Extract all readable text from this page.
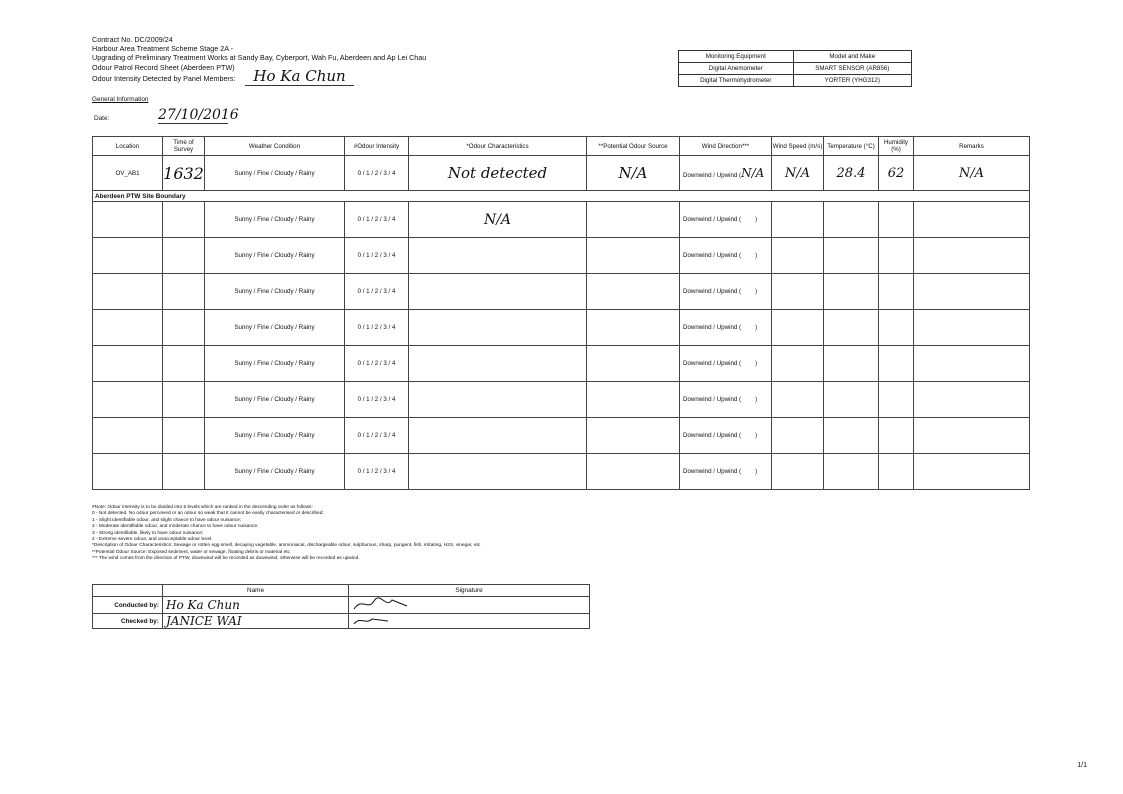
Contract No. DC/2009/24
Harbour Area Treatment Scheme Stage 2A -
Upgrading of Preliminary Treatment Works at Sandy Bay, Cyberport, Wah Fu, Aberdeen and Ap Lei Chau
Odour Patrol Record Sheet (Aberdeen PTW)
Odour Intensity Detected by Panel Members: Ho Ka Chun
General Information
Date:	27/10/2016
Monitoring Equipment	Model and Make
Digital Anemometer	SMART SENSOR (AR856)
Digital Thermohydrometer	YORTER (YHG312)
Location	Time of Survey	Weather Condition	#Odour Intensity	*Odour Characteristics	**Potential Odour Source	Wind Direction***	Wind Speed (m/s)	Temperature (°C)	Humidity (%)	Remarks
OV_AB1	1632	Sunny / Fine / Cloudy / Rainy	0 / 1 / 2 / 3 / 4	Not detected	N/A	Downwind / Upwind (N/A	N/A	28.4	62	N/A
Aberdeen PTW Site Boundary										
		Sunny / Fine / Cloudy / Rainy	0 / 1 / 2 / 3 / 4	N/A		Downwind / Upwind ( )				
		Sunny / Fine / Cloudy / Rainy	0 / 1 / 2 / 3 / 4			Downwind / Upwind ( )				
		Sunny / Fine / Cloudy / Rainy	0 / 1 / 2 / 3 / 4			Downwind / Upwind ( )				
		Sunny / Fine / Cloudy / Rainy	0 / 1 / 2 / 3 / 4			Downwind / Upwind ( )				
		Sunny / Fine / Cloudy / Rainy	0 / 1 / 2 / 3 / 4			Downwind / Upwind ( )				
		Sunny / Fine / Cloudy / Rainy	0 / 1 / 2 / 3 / 4			Downwind / Upwind ( )				
		Sunny / Fine / Cloudy / Rainy	0 / 1 / 2 / 3 / 4			Downwind / Upwind ( )				
		Sunny / Fine / Cloudy / Rainy	0 / 1 / 2 / 3 / 4			Downwind / Upwind ( )				
#Note: Odour intensity is to be divided into 5 levels which are ranked in the descending order as follows:
0 - Not detected. No odour perceived or an odour so weak that it cannot be easily characterised or described;
1 - Slight identifiable odour, and slight chance to have odour nuisance;
2 - Moderate identifiable odour, and moderate chance to have odour nuisance;
3 - Strong identifiable, likely to have odour nuisance;
4 - Extreme severe odour, and unacceptable odour level.
*Description of Odour Characteristics: Sewage or rotten egg smell, decaying vegetable, ammoniacal, dischargeable odour, sulphurous, sharp, pungent, fish, irritating, H2S, vinegar, etc
**Potential Odour Source: Exposed sediment, water or sewage, floating debris or material etc
*** The wind comes from the direction of PTW, downwind will be recorded as downwind, otherwise will be recorded as upwind.
	Name	Signature
Conducted by:	Ho Ka Chun	
Checked by:	JANICE WAI	
1/1
